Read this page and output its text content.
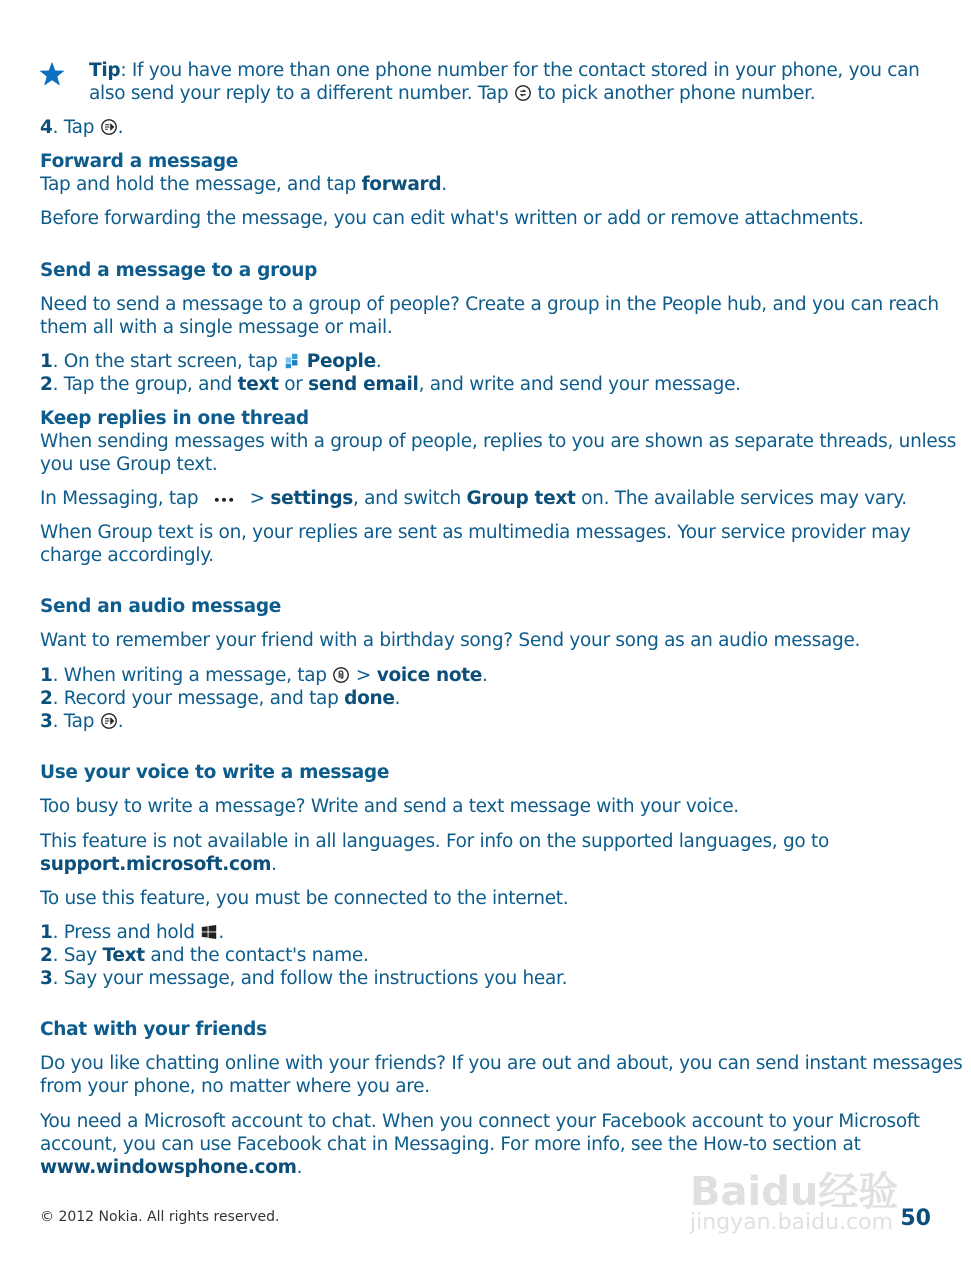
Tip: If you have more than one phone number for the contact stored in your phone, you can
also send your reply to a different number. Tap to pick another phone number.
4. Tap .
Forward a message
Tap and hold the message, and tap forward.
Before forwarding the message, you can edit what's written or add or remove attachments.
Send a message to a group
Need to send a message to a group of people? Create a group in the People hub, and you can reach
them all with a single message or mail.
1. On the start screen, tap People.
2. Tap the group, and text or send email, and write and send your message.
Keep replies in one thread
When sending messages with a group of people, replies to you are shown as separate threads, unless
you use Group text.
In Messaging, tap	> settings, and switch Group text on. The available services may vary.
When Group text is on, your replies are sent as multimedia messages. Your service provider may
charge accordingly.
Send an audio message
Want to remember your friend with a birthday song? Send your song as an audio message.
1. When writing a message, tap > voice note.
2. Record your message, and tap done.
3. Tap .
Use your voice to write a message
Too busy to write a message? Write and send a text message with your voice.
This feature is not available in all languages. For info on the supported languages, go to
support.microsoft.com.
To use this feature, you must be connected to the internet.
1. Press and hold .
2. Say Text and the contact's name.
3. Say your message, and follow the instructions you hear.
Chat with your friends
Do you like chatting online with your friends? If you are out and about, you can send instant messages
from your phone, no matter where you are.
You need a Microsoft account to chat. When you connect your Facebook account to your Microsoft
account, you can use Facebook chat in Messaging. For more info, see the How-to section at
www.windowsphone.com.
Baidu经验
jingyan.baidu.com
© 2012 Nokia. All rights reserved.	50
